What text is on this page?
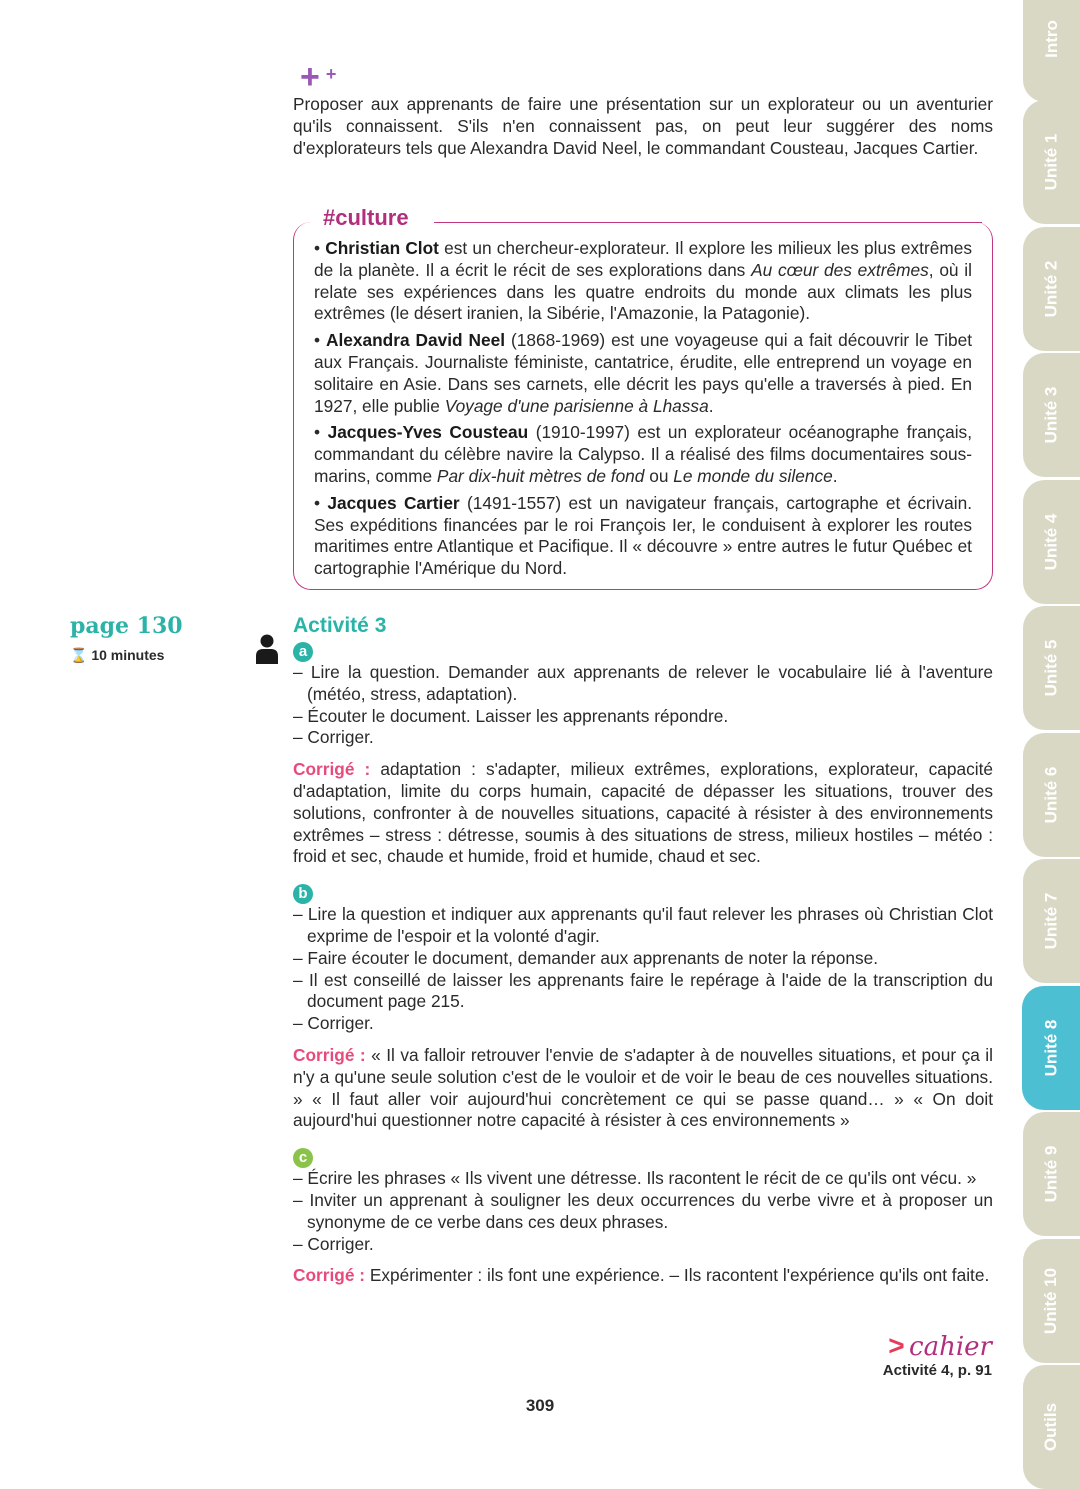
+ +
Proposer aux apprenants de faire une présentation sur un explorateur ou un aventurier qu'ils connaissent. S'ils n'en connaissent pas, on peut leur suggérer des noms d'explorateurs tels que Alexandra David Neel, le commandant Cousteau, Jacques Cartier.
#culture

• Christian Clot est un chercheur-explorateur. Il explore les milieux les plus extrêmes de la planète. Il a écrit le récit de ses explorations dans Au cœur des extrêmes, où il relate ses expériences dans les quatre endroits du monde aux climats les plus extrêmes (le désert iranien, la Sibérie, l'Amazonie, la Patagonie).

• Alexandra David Neel (1868-1969) est une voyageuse qui a fait découvrir le Tibet aux Français. Journaliste féministe, cantatrice, érudite, elle entreprend un voyage en solitaire en Asie. Dans ses carnets, elle décrit les pays qu'elle a traversés à pied. En 1927, elle publie Voyage d'une parisienne à Lhassa.

• Jacques-Yves Cousteau (1910-1997) est un explorateur océanographe français, commandant du célèbre navire la Calypso. Il a réalisé des films documentaires sous-marins, comme Par dix-huit mètres de fond ou Le monde du silence.

• Jacques Cartier (1491-1557) est un navigateur français, cartographe et écrivain. Ses expéditions financées par le roi François Ier, le conduisent à explorer les routes maritimes entre Atlantique et Pacifique. Il « découvre » entre autres le futur Québec et cartographie l'Amérique du Nord.

page 130
⌛ 10 minutes
Activité 3
a
– Lire la question. Demander aux apprenants de relever le vocabulaire lié à l'aventure (météo, stress, adaptation).
– Écouter le document. Laisser les apprenants répondre.
– Corriger.
Corrigé : adaptation : s'adapter, milieux extrêmes, explorations, explorateur, capacité d'adaptation, limite du corps humain, capacité de dépasser les situations, trouver des solutions, confronter à de nouvelles situations, capacité à résister à des environnements extrêmes – stress : détresse, soumis à des situations de stress, milieux hostiles – météo : froid et sec, chaude et humide, froid et humide, chaud et sec.
b
– Lire la question et indiquer aux apprenants qu'il faut relever les phrases où Christian Clot exprime de l'espoir et la volonté d'agir.
– Faire écouter le document, demander aux apprenants de noter la réponse.
– Il est conseillé de laisser les apprenants faire le repérage à l'aide de la transcription du document page 215.
– Corriger.
Corrigé : « Il va falloir retrouver l'envie de s'adapter à de nouvelles situations, et pour ça il n'y a qu'une seule solution c'est de le vouloir et de voir le beau de ces nouvelles situations. » « Il faut aller voir aujourd'hui concrètement ce qui se passe quand… » « On doit aujourd'hui questionner notre capacité à résister à ces environnements »
c
– Écrire les phrases « Ils vivent une détresse. Ils racontent le récit de ce qu'ils ont vécu. »
– Inviter un apprenant à souligner les deux occurrences du verbe vivre et à proposer un synonyme de ce verbe dans ces deux phrases.
– Corriger.
Corrigé : Expérimenter : ils font une expérience. – Ils racontent l'expérience qu'ils ont faite.
> cahier
Activité 4, p. 91
309
Intro
Unité 1
Unité 2
Unité 3
Unité 4
Unité 5
Unité 6
Unité 7
Unité 8
Unité 9
Unité 10
Outils
